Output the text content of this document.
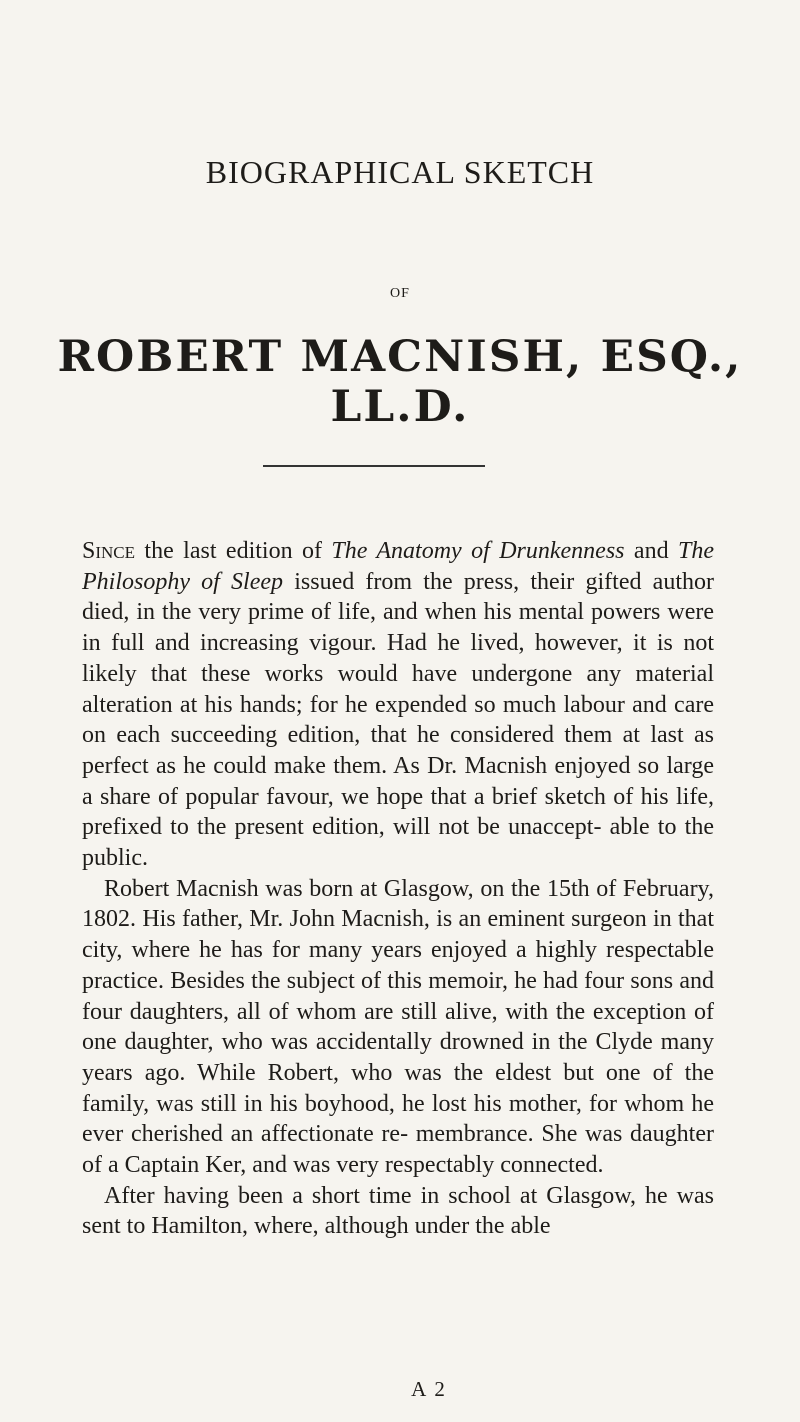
BIOGRAPHICAL SKETCH
OF
ROBERT MACNISH, ESQ., LL.D.

Since the last edition of The Anatomy of Drunkenness and The Philosophy of Sleep issued from the press, their gifted author died, in the very prime of life, and when his mental powers were in full and increasing vigour. Had he lived, however, it is not likely that these works would have undergone any material alteration at his hands; for he expended so much labour and care on each succeeding edition, that he considered them at last as perfect as he could make them. As Dr. Macnish enjoyed so large a share of popular favour, we hope that a brief sketch of his life, prefixed to the present edition, will not be unaccept- able to the public.

Robert Macnish was born at Glasgow, on the 15th of February, 1802. His father, Mr. John Macnish, is an eminent surgeon in that city, where he has for many years enjoyed a highly respectable practice. Besides the subject of this memoir, he had four sons and four daughters, all of whom are still alive, with the exception of one daughter, who was accidentally drowned in the Clyde many years ago. While Robert, who was the eldest but one of the family, was still in his boyhood, he lost his mother, for whom he ever cherished an affectionate re- membrance. She was daughter of a Captain Ker, and was very respectably connected.

After having been a short time in school at Glasgow, he was sent to Hamilton, where, although under the able

A 2
